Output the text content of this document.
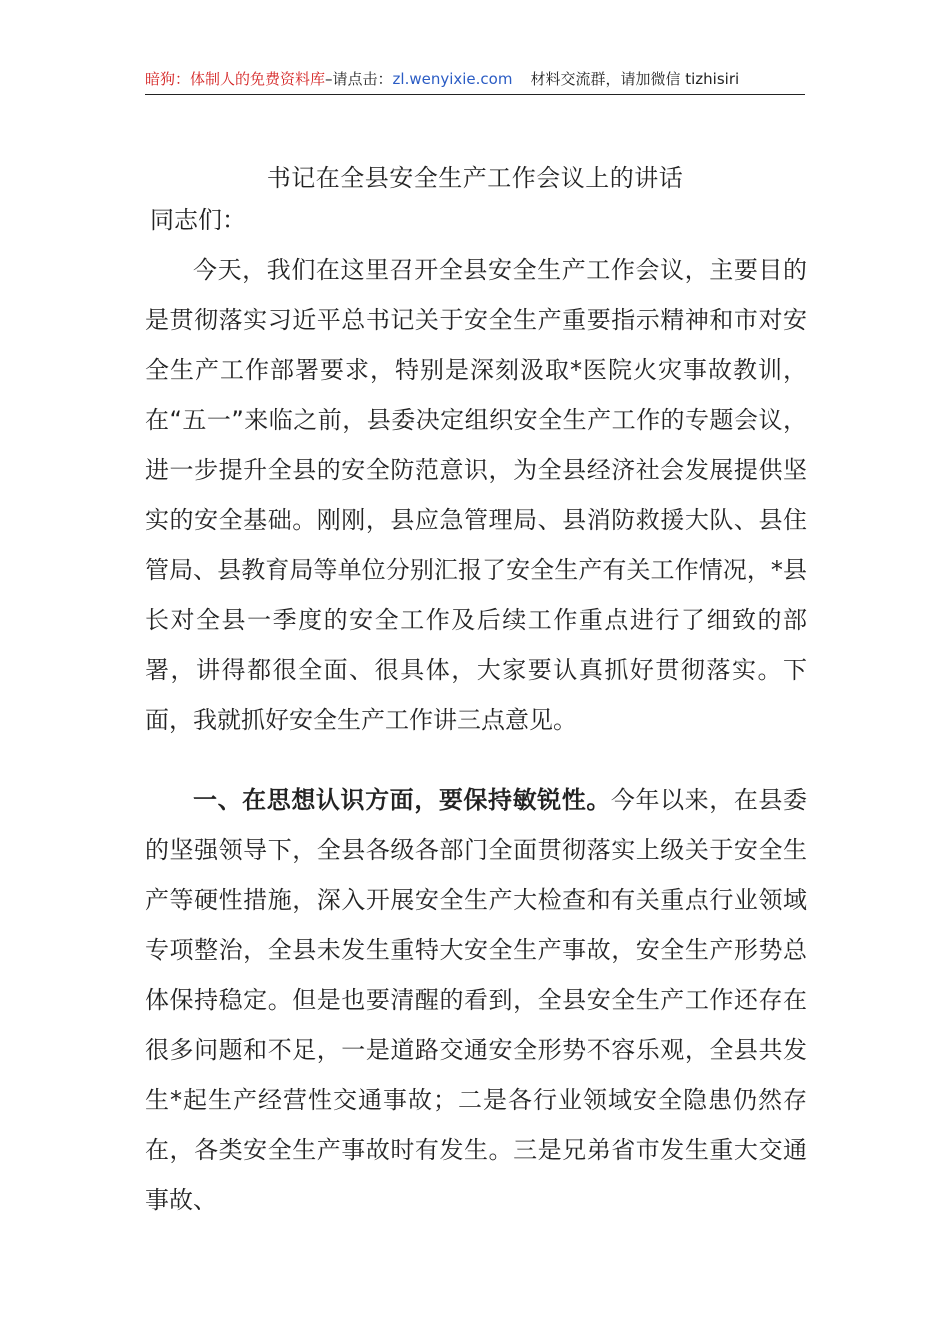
暗狗：体制人的免费资料库–请点击：zl.wenyixie.com 材料交流群，请加微信 tizhisiri
书记在全县安全生产工作会议上的讲话
同志们：

今天，我们在这里召开全县安全生产工作会议，主要目的是贯彻落实习近平总书记关于安全生产重要指示精神和市对安全生产工作部署要求，特别是深刻汲取*医院火灾事故教训，在“五一”来临之前，县委决定组织安全生产工作的专题会议，进一步提升全县的安全防范意识，为全县经济社会发展提供坚实的安全基础。刚刚，县应急管理局、县消防救援大队、县住管局、县教育局等单位分别汇报了安全生产有关工作情况，*县长对全县一季度的安全工作及后续工作重点进行了细致的部署，讲得都很全面、很具体，大家要认真抓好贯彻落实。下面，我就抓好安全生产工作讲三点意见。

一、在思想认识方面，要保持敏锐性。今年以来，在县委的坚强领导下，全县各级各部门全面贯彻落实上级关于安全生产等硬性措施，深入开展安全生产大检查和有关重点行业领域专项整治，全县未发生重特大安全生产事故，安全生产形势总体保持稳定。但是也要清醒的看到，全县安全生产工作还存在很多问题和不足，一是道路交通安全形势不容乐观，全县共发生*起生产经营性交通事故；二是各行业领域安全隐患仍然存在，各类安全生产事故时有发生。三是兄弟省市发生重大交通事故、
